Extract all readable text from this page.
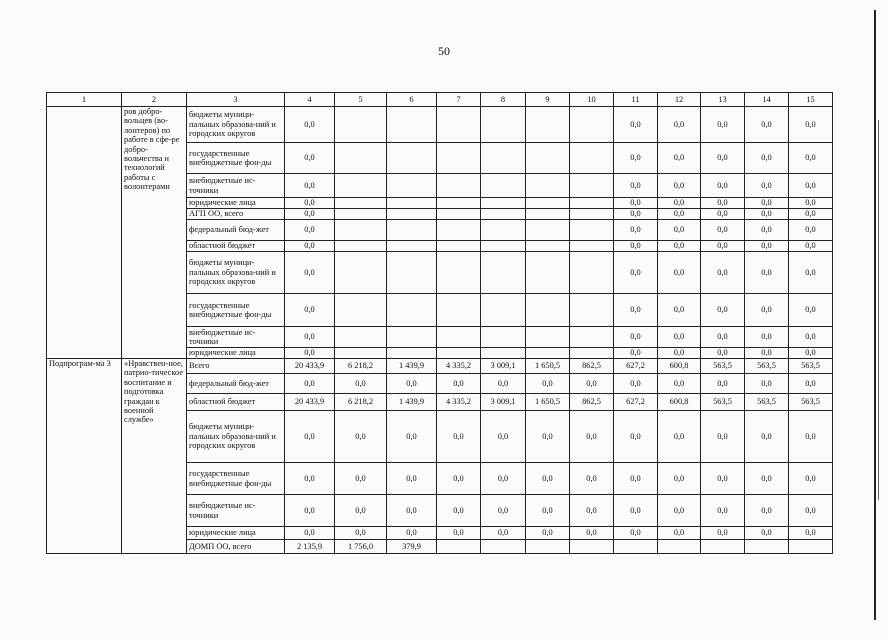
50
1	2	3	4	5	6	7	8	9	10	11	12	13	14	15
	ров добро-вольцев (во-лонтеров) по работе в сфе-ре добро-вольчества и технологий работы с волонтерами	бюджеты муници-пальных образова-ний и городских округов	0,0							0,0	0,0	0,0	0,0	0,0
		государственные внебюджетные фон-ды	0,0							0,0	0,0	0,0	0,0	0,0
		внебюджетные ис-точники	0,0							0,0	0,0	0,0	0,0	0,0
		юридические лица	0,0							0,0	0,0	0,0	0,0	0,0
		АГП ОО, всего	0,0							0,0	0,0	0,0	0,0	0,0
		федеральный бюд-жет	0,0							0,0	0,0	0,0	0,0	0,0
		областной бюджет	0,0							0,0	0,0	0,0	0,0	0,0
		бюджеты муници-пальных образова-ний и городских округов	0,0							0,0	0,0	0,0	0,0	0,0
		государственные внебюджетные фон-ды	0,0							0,0	0,0	0,0	0,0	0,0
		внебюджетные ис-точники	0,0							0,0	0,0	0,0	0,0	0,0
		юридические лица	0,0							0,0	0,0	0,0	0,0	0,0
Подпрограм-ма 3	«Нравствен-ное, патрио-тическое воспитание и подготовка граждан к военной службе»	Всего	20 433,9	6 218,2	1 439,9	4 335,2	3 009,1	1 650,5	862,5	627,2	600,8	563,5	563,5	563,5
		федеральный бюд-жет	0,0	0,0	0,0	0,0	0,0	0,0	0,0	0,0	0,0	0,0	0,0	0,0
		областной бюджет	20 433,9	6 218,2	1 439,9	4 335,2	3 009,1	1 650,5	862,5	627,2	600,8	563,5	563,5	563,5
		бюджеты муници-пальных образова-ний и городских округов	0,0	0,0	0,0	0,0	0,0	0,0	0,0	0,0	0,0	0,0	0,0	0,0
		государственные внебюджетные фон-ды	0,0	0,0	0,0	0,0	0,0	0,0	0,0	0,0	0,0	0,0	0,0	0,0
		внебюджетные ис-точники	0,0	0,0	0,0	0,0	0,0	0,0	0,0	0,0	0,0	0,0	0,0	0,0
		юридические лица	0,0	0,0	0,0	0,0	0,0	0,0	0,0	0,0	0,0	0,0	0,0	0,0
		ДОМП ОО, всего	2 135,9	1 756,0	379,9									
